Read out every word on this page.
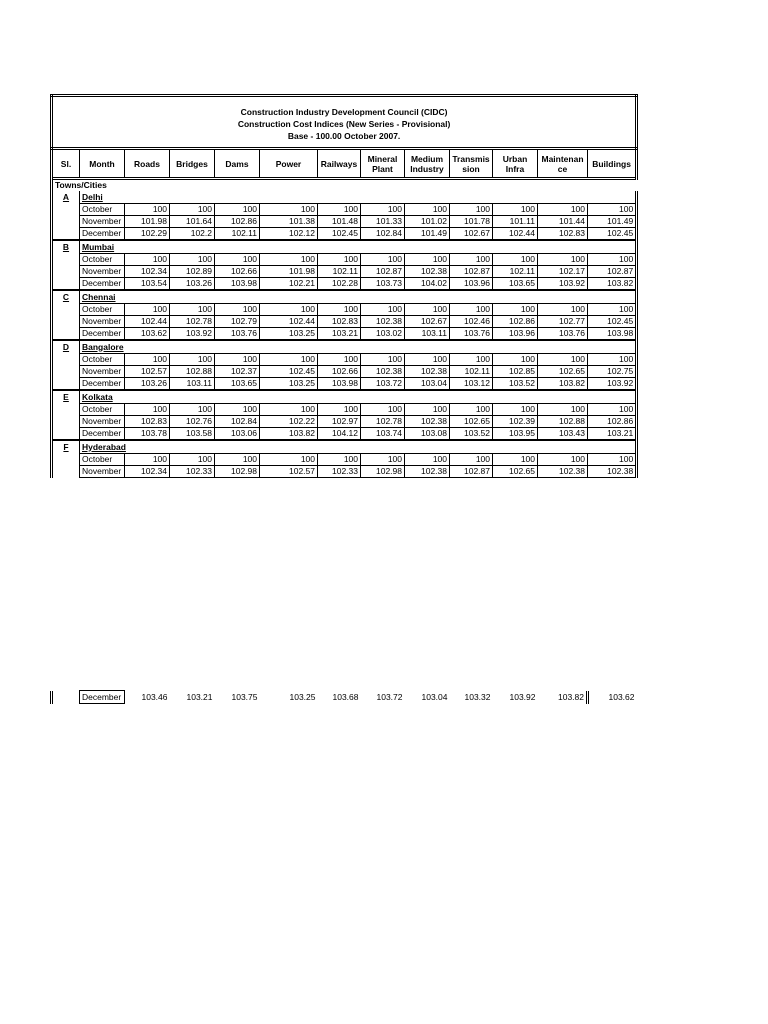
Construction Industry Development Council (CIDC)
Construction Cost Indices (New Series - Provisional)
Base - 100.00 October 2007.												

Sl.	Month	Roads	Bridges	Dams	Power	Railways	Mineral Plant	Medium Industry	Transmis sion	Urban Infra	Maintenan ce	Buildings
Towns/Cities												
A	Delhi											
	October	100	100	100	100	100	100	100	100	100	100	100
	November	101.98	101.64	102.86	101.38	101.48	101.33	101.02	101.78	101.11	101.44	101.49
	December	102.29	102.2	102.11	102.12	102.45	102.84	101.49	102.67	102.44	102.83	102.45
B	Mumbai											
	October	100	100	100	100	100	100	100	100	100	100	100
	November	102.34	102.89	102.66	101.98	102.11	102.87	102.38	102.87	102.11	102.17	102.87
	December	103.54	103.26	103.98	102.21	102.28	103.73	104.02	103.96	103.65	103.92	103.82
C	Chennai											
	October	100	100	100	100	100	100	100	100	100	100	100
	November	102.44	102.78	102.79	102.44	102.83	102.38	102.67	102.46	102.86	102.77	102.45
	December	103.62	103.92	103.76	103.25	103.21	103.02	103.11	103.76	103.96	103.76	103.98
D	Bangalore											
	October	100	100	100	100	100	100	100	100	100	100	100
	November	102.57	102.88	102.37	102.45	102.66	102.38	102.38	102.11	102.85	102.65	102.75
	December	103.26	103.11	103.65	103.25	103.98	103.72	103.04	103.12	103.52	103.82	103.92
E	Kolkata											
	October	100	100	100	100	100	100	100	100	100	100	100
	November	102.83	102.76	102.84	102.22	102.97	102.78	102.38	102.65	102.39	102.88	102.86
	December	103.78	103.58	103.06	103.82	104.12	103.74	103.08	103.52	103.95	103.43	103.21
F	Hyderabad											
	October	100	100	100	100	100	100	100	100	100	100	100
	November	102.34	102.33	102.98	102.57	102.33	102.98	102.38	102.87	102.65	102.38	102.38
	December	103.46	103.21	103.75	103.25	103.68	103.72	103.04	103.32	103.92	103.82	103.62
